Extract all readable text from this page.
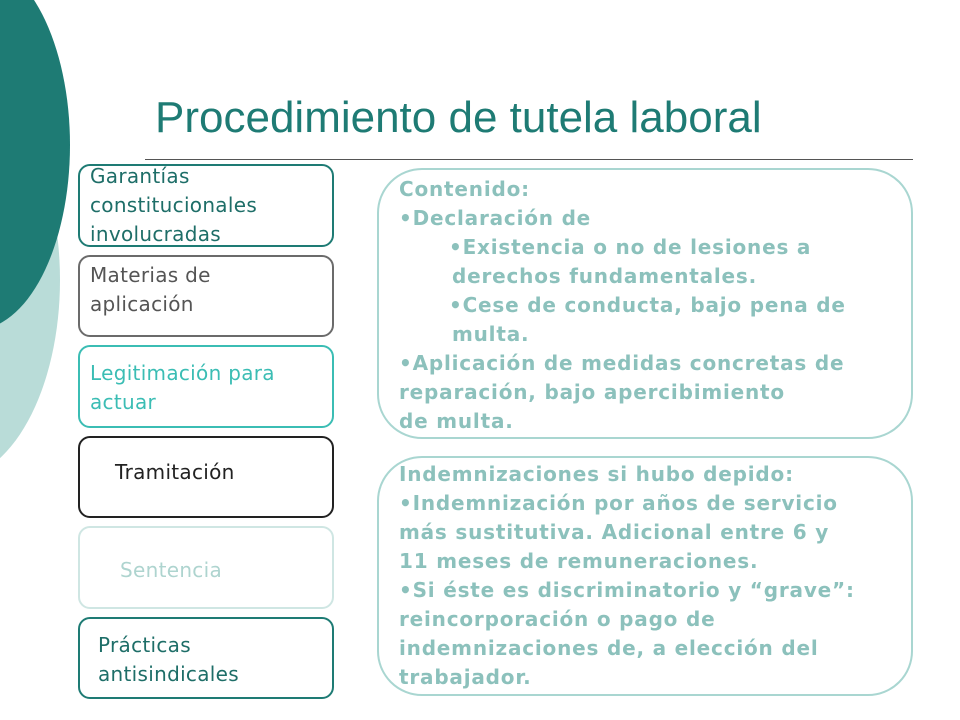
Procedimiento de tutela laboral
Garantías
constitucionales
involucradas
Materias de
aplicación
Legitimación para
actuar
Tramitación
Sentencia
Prácticas
antisindicales
Contenido:
•Declaración de
•Existencia o no de lesiones a
derechos fundamentales.
•Cese de conducta, bajo pena de
multa.
•Aplicación de medidas concretas de
reparación, bajo apercibimiento
de multa.
Indemnizaciones si hubo depido:
•Indemnización por años de servicio
más sustitutiva. Adicional entre 6 y
11 meses de remuneraciones.
•Si éste es discriminatorio y “grave”:
reincorporación o pago de
indemnizaciones de, a elección del
trabajador.
